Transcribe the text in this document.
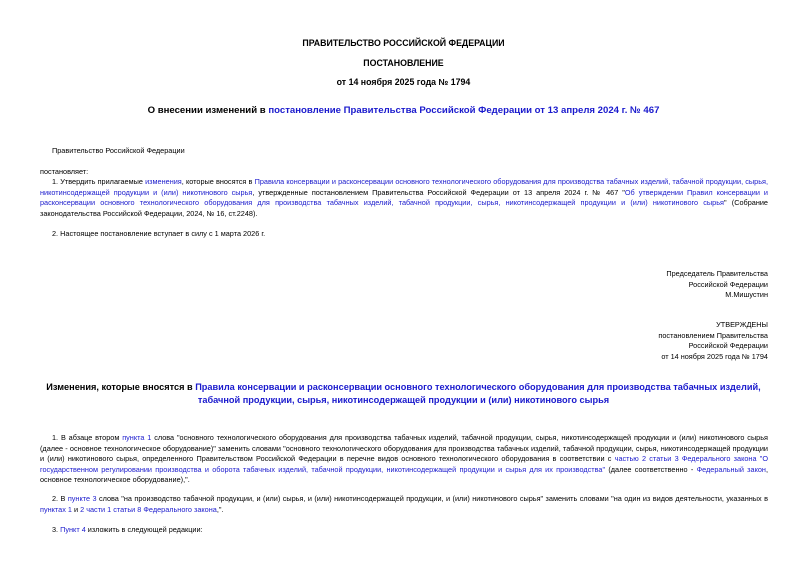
ПРАВИТЕЛЬСТВО РОССИЙСКОЙ ФЕДЕРАЦИИ
ПОСТАНОВЛЕНИЕ
от 14 ноября 2025 года № 1794
О внесении изменений в постановление Правительства Российской Федерации от 13 апреля 2024 г. № 467
Правительство Российской Федерации
постановляет:
1. Утвердить прилагаемые изменения, которые вносятся в Правила консервации и расконсервации основного технологического оборудования для производства табачных изделий, табачной продукции, сырья, никотинсодержащей продукции и (или) никотинового сырья, утвержденные постановлением Правительства Российской Федерации от 13 апреля 2024 г. № 467 "Об утверждении Правил консервации и расконсервации основного технологического оборудования для производства табачных изделий, табачной продукции, сырья, никотинсодержащей продукции и (или) никотинового сырья" (Собрание законодательства Российской Федерации, 2024, № 16, ст.2248).
2. Настоящее постановление вступает в силу с 1 марта 2026 г.
Председатель Правительства
Российской Федерации
М.Мишустин
УТВЕРЖДЕНЫ
постановлением Правительства
Российской Федерации
от 14 ноября 2025 года № 1794
Изменения, которые вносятся в Правила консервации и расконсервации основного технологического оборудования для производства табачных изделий,
табачной продукции, сырья, никотинсодержащей продукции и (или) никотинового сырья
1. В абзаце втором пункта 1 слова "основного технологического оборудования для производства табачных изделий, табачной продукции, сырья, никотинсодержащей продукции и (или) никотинового сырья (далее - основное технологическое оборудование)" заменить словами "основного технологического оборудования для производства табачных изделий, табачной продукции, сырья, никотинсодержащей продукции и (или) никотинового сырья, определенного Правительством Российской Федерации в перечне видов основного технологического оборудования в соответствии с частью 2 статьи 3 Федерального закона "О государственном регулировании производства и оборота табачных изделий, табачной продукции, никотинсодержащей продукции и сырья для их производства" (далее соответственно - Федеральный закон, основное технологическое оборудование),".
2. В пункте 3 слова "на производство табачной продукции, и (или) сырья, и (или) никотинсодержащей продукции, и (или) никотинового сырья" заменить словами "на один из видов деятельности, указанных в пунктах 1 и 2 части 1 статьи 8 Федерального закона,".
3. Пункт 4 изложить в следующей редакции:
